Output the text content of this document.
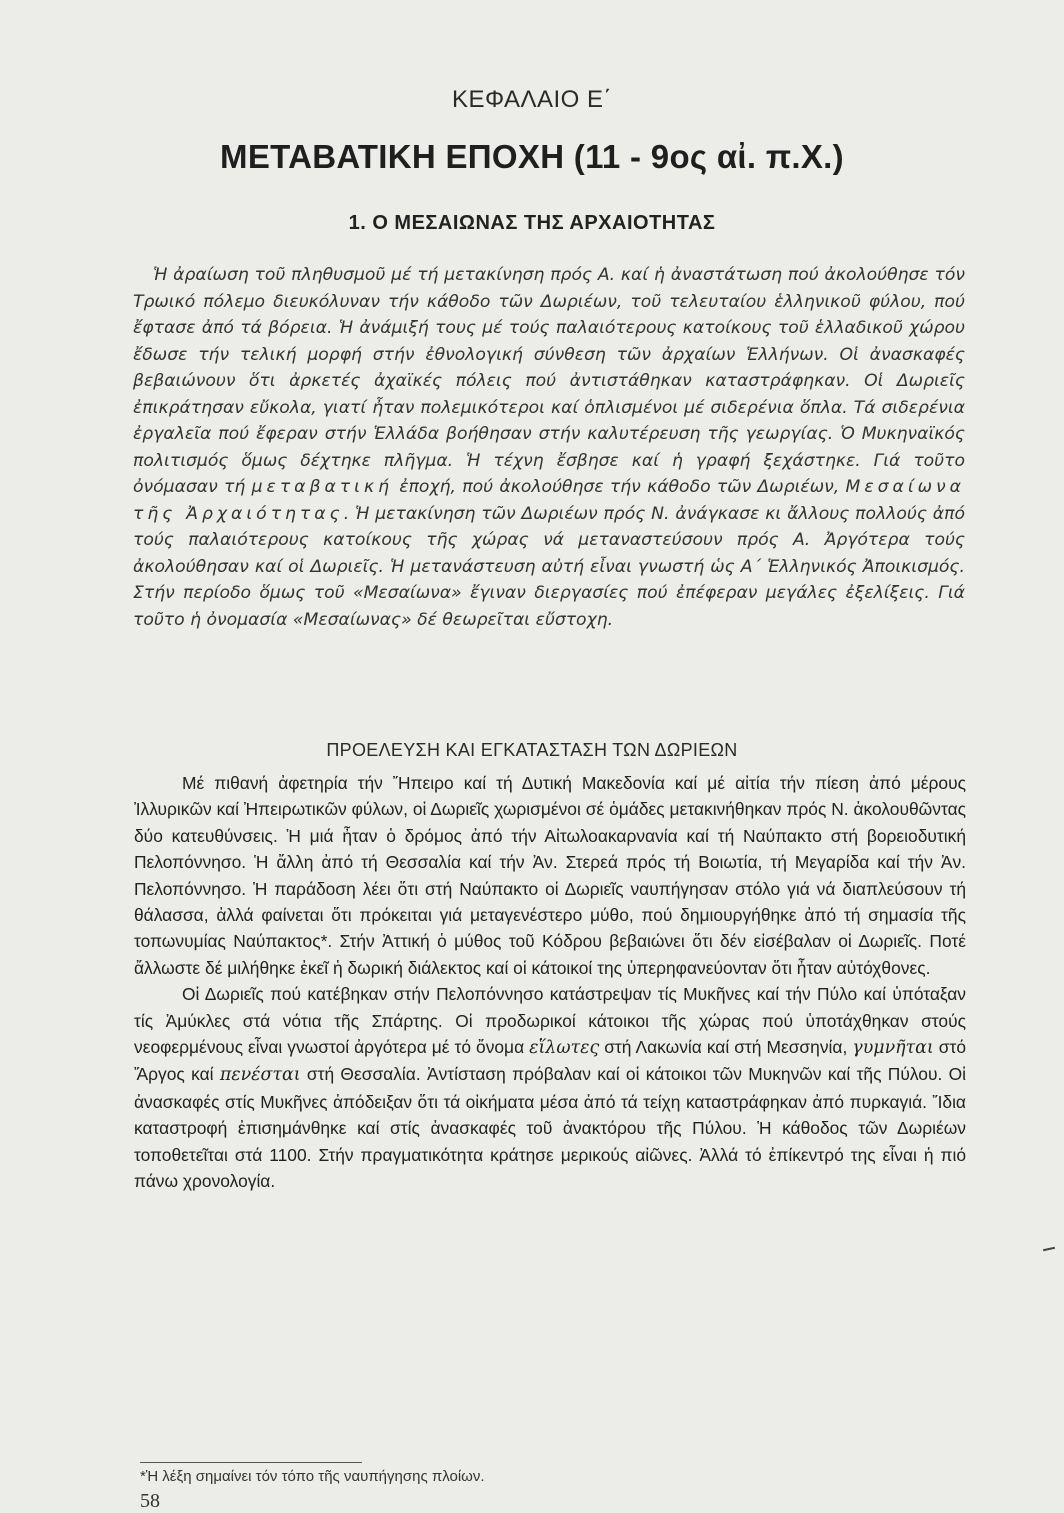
ΚΕΦΑΛΑΙΟ Ε΄
ΜΕΤΑΒΑΤΙΚΗ ΕΠΟΧΗ (11 - 9ος αἰ. π.Χ.)
1. Ο ΜΕΣΑΙΩΝΑΣ ΤΗΣ ΑΡΧΑΙΟΤΗΤΑΣ
Ἡ ἀραίωση τοῦ πληθυσμοῦ μέ τή μετακίνηση πρός Α. καί ἡ ἀναστάτωση πού ἀκολούθησε τόν Τρωικό πόλεμο διευκόλυναν τήν κάθοδο τῶν Δωριέων, τοῦ τελευταίου ἑλληνικοῦ φύλου, πού ἔφτασε ἀπό τά βόρεια. Ἡ ἀνάμιξή τους μέ τούς παλαιότερους κατοίκους τοῦ ἑλλαδικοῦ χώρου ἔδωσε τήν τελική μορφή στήν ἐθνολογική σύνθεση τῶν ἀρχαίων Ἑλλήνων. Οἱ ἀνασκαφές βεβαιώνουν ὅτι ἀρκετές ἀχαϊκές πόλεις πού ἀντιστάθηκαν καταστράφηκαν. Οἱ Δωριεῖς ἐπικράτησαν εὔκολα, γιατί ἦταν πολεμικότεροι καί ὁπλισμένοι μέ σιδερένια ὅπλα. Τά σιδερένια ἐργαλεῖα πού ἔφεραν στήν Ἑλλάδα βοήθησαν στήν καλυτέρευση τῆς γεωργίας. Ὁ Μυκηναϊκός πολιτισμός ὅμως δέχτηκε πλῆγμα. Ἡ τέχνη ἔσβησε καί ἡ γραφή ξεχάστηκε. Γιά τοῦτο ὀνόμασαν τή μεταβατική ἐποχή, πού ἀκολούθησε τήν κάθοδο τῶν Δωριέων, Μεσαίωνα τῆς Ἀρχαιότητας. Ἡ μετακίνηση τῶν Δωριέων πρός Ν. ἀνάγκασε κι ἄλλους πολλούς ἀπό τούς παλαιότερους κατοίκους τῆς χώρας νά μεταναστεύσουν πρός Α. Ἀργότερα τούς ἀκολούθησαν καί οἱ Δωριεῖς. Ἡ μετανάστευση αὐτή εἶναι γνωστή ὡς Α΄ Ἑλληνικός Ἀποικισμός. Στήν περίοδο ὅμως τοῦ «Μεσαίωνα» ἔγιναν διεργασίες πού ἐπέφεραν μεγάλες ἐξελίξεις. Γιά τοῦτο ἡ ὀνομασία «Μεσαίωνας» δέ θεωρεῖται εὔστοχη.
ΠΡΟΕΛΕΥΣΗ ΚΑΙ ΕΓΚΑΤΑΣΤΑΣΗ ΤΩΝ ΔΩΡΙΕΩΝ

Μέ πιθανή ἀφετηρία τήν Ἤπειρο καί τή Δυτική Μακεδονία καί μέ αἰτία τήν πίεση ἀπό μέρους Ἰλλυρικῶν καί Ἠπειρωτικῶν φύλων, οἱ Δωριεῖς χωρισμένοι σέ ὁμάδες μετακινήθηκαν πρός Ν. ἀκολουθῶντας δύο κατευθύνσεις. Ἡ μιά ἦταν ὁ δρόμος ἀπό τήν Αἰτωλοακαρνανία καί τή Ναύπακτο στή βορειοδυτική Πελοπόννησο. Ἡ ἄλλη ἀπό τή Θεσσαλία καί τήν Ἀν. Στερεά πρός τή Βοιωτία, τή Μεγαρίδα καί τήν Ἀν. Πελοπόννησο. Ἡ παράδοση λέει ὅτι στή Ναύπακτο οἱ Δωριεῖς ναυπήγησαν στόλο γιά νά διαπλεύσουν τή θάλασσα, ἀλλά φαίνεται ὅτι πρόκειται γιά μεταγενέστερο μύθο, πού δημιουργήθηκε ἀπό τή σημασία τῆς τοπωνυμίας Ναύπακτος*. Στήν Ἀττική ὁ μύθος τοῦ Κόδρου βεβαιώνει ὅτι δέν εἰσέβαλαν οἱ Δωριεῖς. Ποτέ ἄλλωστε δέ μιλήθηκε ἐκεῖ ἡ δωρική διάλεκτος καί οἱ κάτοικοί της ὑπερηφανεύονταν ὅτι ἦταν αὐτόχθονες.

Οἱ Δωριεῖς πού κατέβηκαν στήν Πελοπόννησο κατάστρεψαν τίς Μυκῆνες καί τήν Πύλο καί ὑπόταξαν τίς Ἀμύκλες στά νότια τῆς Σπάρτης. Οἱ προδωρικοί κάτοικοι τῆς χώρας πού ὑποτάχθηκαν στούς νεοφερμένους εἶναι γνωστοί ἀργότερα μέ τό ὄνομα εἵλωτες στή Λακωνία καί στή Μεσσηνία, γυμνῆται στό Ἄργος καί πενέσται στή Θεσσαλία. Ἀντίσταση πρόβαλαν καί οἱ κάτοικοι τῶν Μυκηνῶν καί τῆς Πύλου. Οἱ ἀνασκαφές στίς Μυκῆνες ἀπόδειξαν ὅτι τά οἰκήματα μέσα ἀπό τά τείχη καταστράφηκαν ἀπό πυρκαγιά. Ἴδια καταστροφή ἐπισημάνθηκε καί στίς ἀνασκαφές τοῦ ἀνακτόρου τῆς Πύλου. Ἡ κάθοδος τῶν Δωριέων τοποθετεῖται στά 1100. Στήν πραγματικότητα κράτησε μερικούς αἰῶνες. Ἀλλά τό ἐπίκεντρό της εἶναι ἡ πιό πάνω χρονολογία.

*Ἡ λέξη σημαίνει τόν τόπο τῆς ναυπήγησης πλοίων.
58
